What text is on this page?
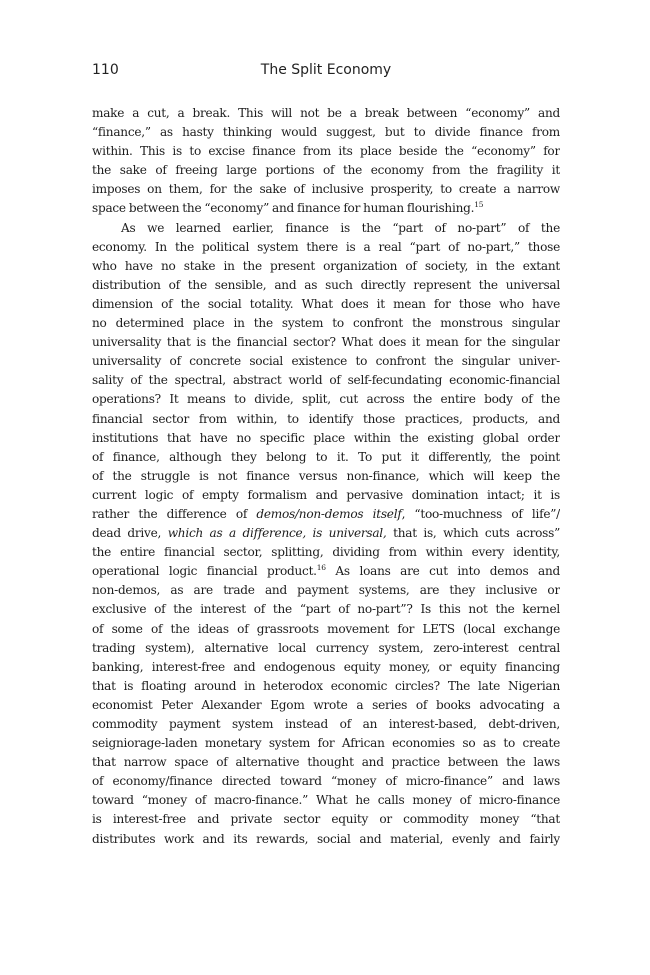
110	The Split Economy
make a cut, a break. This will not be a break between “economy” and
“finance,” as hasty thinking would suggest, but to divide finance from
within. This is to excise finance from its place beside the “economy” for
the sake of freeing large portions of the economy from the fragility it
imposes on them, for the sake of inclusive prosperity, to create a narrow
space between the “economy” and finance for human flourishing.$^{15}$
As we learned earlier, finance is the “part of no-part” of the
economy. In the political system there is a real “part of no-part,” those
who have no stake in the present organization of society, in the extant
distribution of the sensible, and as such directly represent the universal
dimension of the social totality. What does it mean for those who have
no determined place in the system to confront the monstrous singular
universality that is the financial sector? What does it mean for the singular
universality of concrete social existence to confront the singular univer-
sality of the spectral, abstract world of self-fecundating economic-financial
operations? It means to divide, split, cut across the entire body of the
financial sector from within, to identify those practices, products, and
institutions that have no specific place within the existing global order
of finance, although they belong to it. To put it differently, the point
of the struggle is not finance versus non-finance, which will keep the
current logic of empty formalism and pervasive domination intact; it is
rather the difference of demos/non-demos itself, “too-muchness of life”/
dead drive, which as a difference, is universal, that is, which cuts across”
the entire financial sector, splitting, dividing from within every identity,
operational logic financial product.$^{16}$ As loans are cut into demos and
non-demos, as are trade and payment systems, are they inclusive or
exclusive of the interest of the “part of no-part”? Is this not the kernel
of some of the ideas of grassroots movement for LETS (local exchange
trading system), alternative local currency system, zero-interest central
banking, interest-free and endogenous equity money, or equity financing
that is floating around in heterodox economic circles? The late Nigerian
economist Peter Alexander Egom wrote a series of books advocating a
commodity payment system instead of an interest-based, debt-driven,
seigniorage-laden monetary system for African economies so as to create
that narrow space of alternative thought and practice between the laws
of economy/finance directed toward “money of micro-finance” and laws
toward “money of macro-finance.” What he calls money of micro-finance
is interest-free and private sector equity or commodity money “that
distributes work and its rewards, social and material, evenly and fairly
